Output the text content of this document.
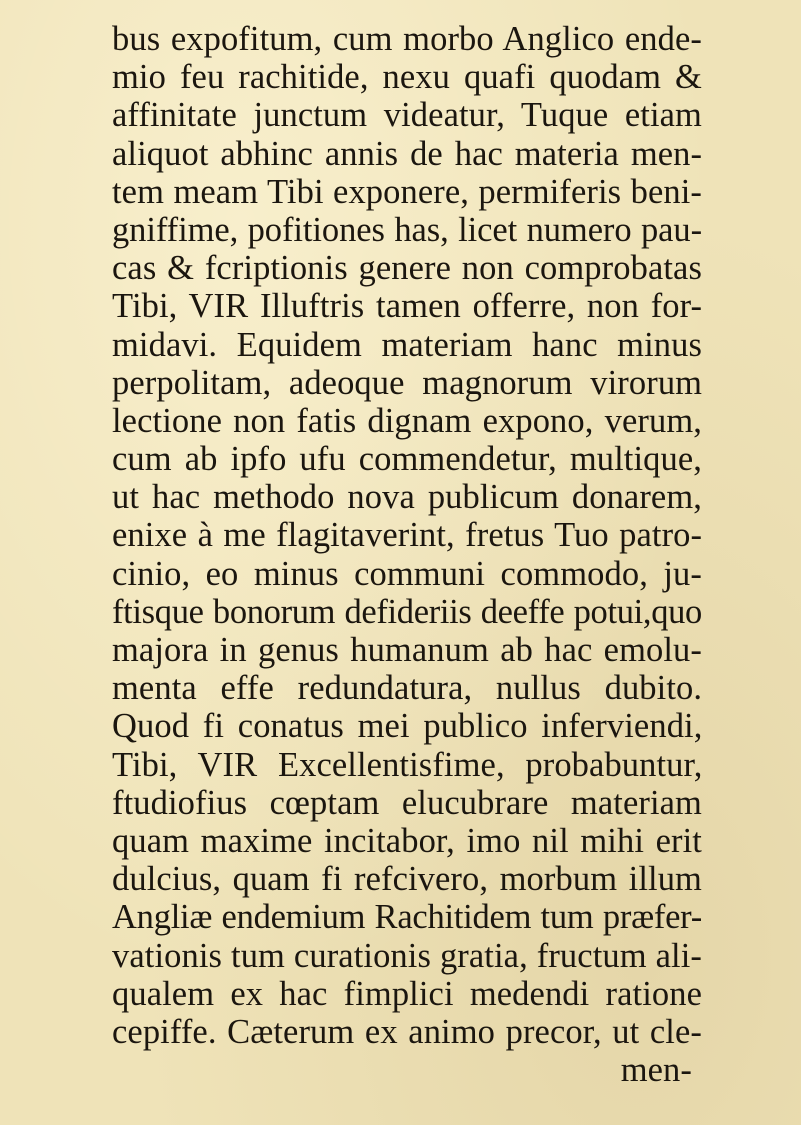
bus expofitum, cum morbo Anglico ende-
mio feu rachitide, nexu quafi quodam &
affinitate junctum videatur, Tuque etiam
aliquot abhinc annis de hac materia men-
tem meam Tibi exponere, permiferis beni-
gniffime, pofitiones has, licet numero pau-
cas & fcriptionis genere non comprobatas
Tibi, VIR Illuftris tamen offerre, non for-
midavi. Equidem materiam hanc minus
perpolitam, adeoque magnorum virorum
lectione non fatis dignam expono, verum,
cum ab ipfo ufu commendetur, multique,
ut hac methodo nova publicum donarem,
enixe à me flagitaverint, fretus Tuo patro-
cinio, eo minus communi commodo, ju-
ftisque bonorum defideriis deeffe potui,quo
majora in genus humanum ab hac emolu-
menta effe redundatura, nullus dubito.
Quod fi conatus mei publico inferviendi,
Tibi, VIR Excellentisfime, probabuntur,
ftudiofius cœptam elucubrare materiam
quam maxime incitabor, imo nil mihi erit
dulcius, quam fi refcivero, morbum illum
Angliæ endemium Rachitidem tum præfer-
vationis tum curationis gratia, fructum ali-
qualem ex hac fimplici medendi ratione
cepiffe. Cæterum ex animo precor, ut cle-
men-
